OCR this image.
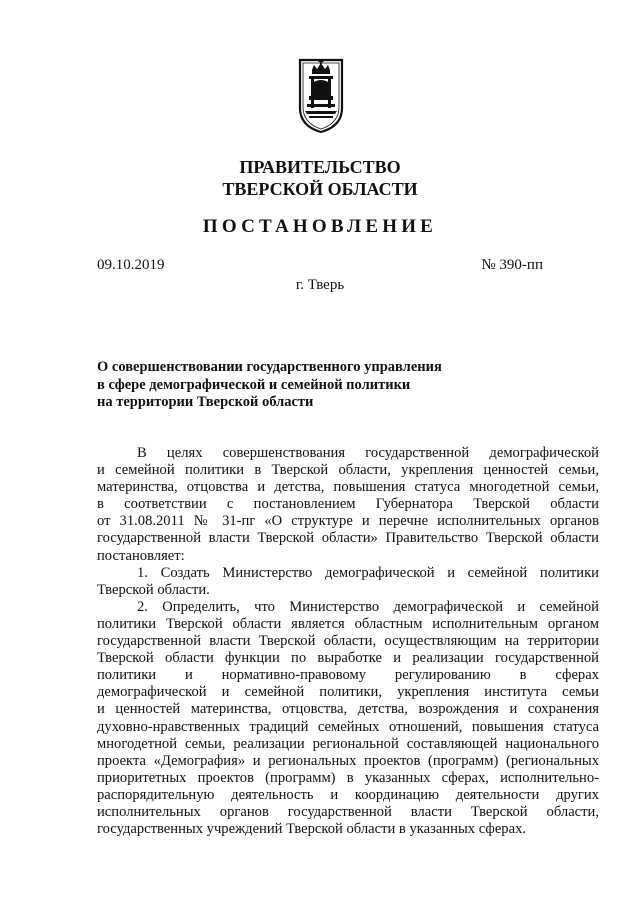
ПРАВИТЕЛЬСТВО
ТВЕРСКОЙ ОБЛАСТИ
ПОСТАНОВЛЕНИЕ
09.10.2019	№ 390-пп
г. Тверь
О совершенствовании государственного управления
в сфере демографической и семейной политики
на территории Тверской области
В целях совершенствования государственной демографической
и семейной политики в Тверской области, укрепления ценностей семьи,
материнства, отцовства и детства, повышения статуса многодетной семьи,
в соответствии с постановлением Губернатора Тверской области
от 31.08.2011 № 31-пг «О структуре и перечне исполнительных органов
государственной власти Тверской области» Правительство Тверской области
постановляет:
1. Создать Министерство демографической и семейной политики
Тверской области.
2. Определить, что Министерство демографической и семейной
политики Тверской области является областным исполнительным органом
государственной власти Тверской области, осуществляющим на территории
Тверской области функции по выработке и реализации государственной
политики и нормативно-правовому регулированию в сферах
демографической и семейной политики, укрепления института семьи
и ценностей материнства, отцовства, детства, возрождения и сохранения
духовно-нравственных традиций семейных отношений, повышения статуса
многодетной семьи, реализации региональной составляющей национального
проекта «Демография» и региональных проектов (программ) (региональных
приоритетных проектов (программ) в указанных сферах, исполнительно-
распорядительную деятельность и координацию деятельности других
исполнительных органов государственной власти Тверской области,
государственных учреждений Тверской области в указанных сферах.
